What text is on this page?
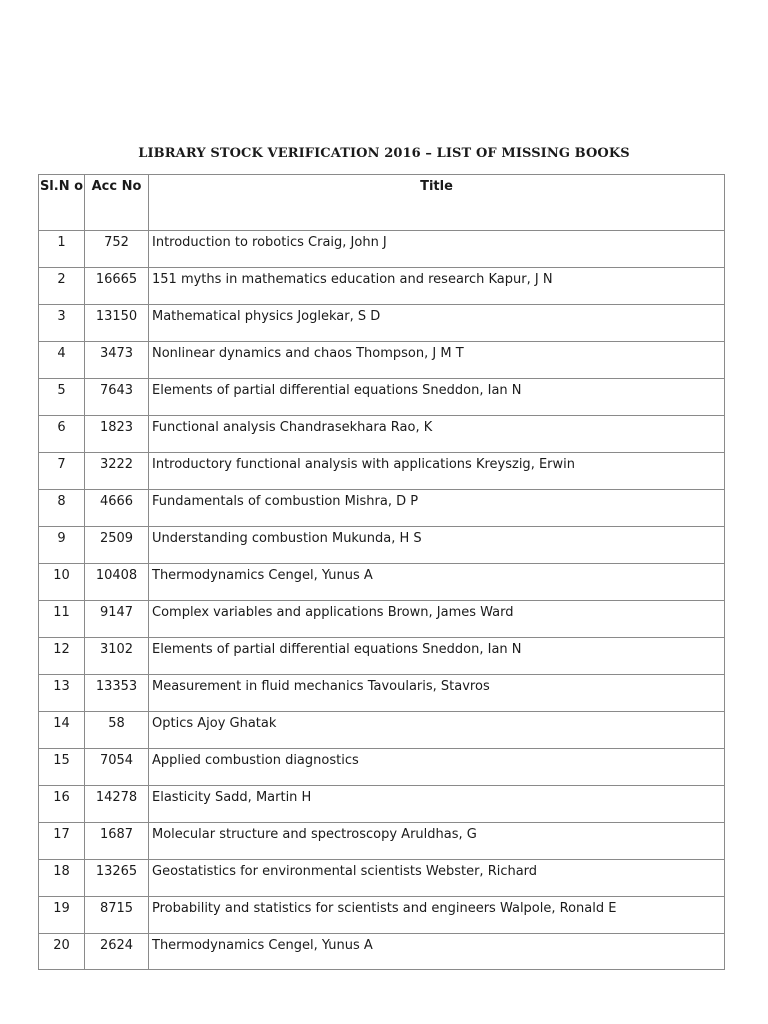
LIBRARY STOCK VERIFICATION 2016 – LIST OF MISSING BOOKS
Sl.N o	Acc No	Title
1	752	Introduction to robotics Craig, John J
2	16665	151 myths in mathematics education and research Kapur, J N
3	13150	Mathematical physics Joglekar, S D
4	3473	Nonlinear dynamics and chaos Thompson, J M T
5	7643	Elements of partial differential equations Sneddon, Ian N
6	1823	Functional analysis Chandrasekhara Rao, K
7	3222	Introductory functional analysis with applications Kreyszig, Erwin
8	4666	Fundamentals of combustion Mishra, D P
9	2509	Understanding combustion Mukunda, H S
10	10408	Thermodynamics Cengel, Yunus A
11	9147	Complex variables and applications Brown, James Ward
12	3102	Elements of partial differential equations Sneddon, Ian N
13	13353	Measurement in fluid mechanics Tavoularis, Stavros
14	58	Optics Ajoy Ghatak
15	7054	Applied combustion diagnostics
16	14278	Elasticity Sadd, Martin H
17	1687	Molecular structure and spectroscopy Aruldhas, G
18	13265	Geostatistics for environmental scientists Webster, Richard
19	8715	Probability and statistics for scientists and engineers Walpole, Ronald E
20	2624	Thermodynamics Cengel, Yunus A
